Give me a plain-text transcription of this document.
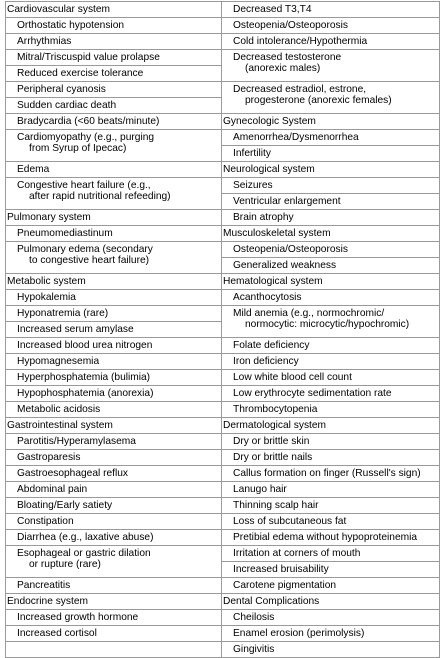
Cardiovascular system	Decreased T3,T4

Orthostatic hypotension	Osteopenia/Osteoporosis

Arrhythmias	Cold intolerance/Hypothermia

Mitral/Triscuspid value prolapse	Decreased testosterone
(anorexic males)

Reduced exercise tolerance	

Peripheral cyanosis	Decreased estradiol, estrone,
progesterone (anorexic females)

Sudden cardiac death	

Bradycardia (<60 beats/minute)	Gynecologic System

Cardiomyopathy (e.g., purging
from Syrup of Ipecac)	Amenorrhea/Dysmenorrhea

	Infertility

Edema	Neurological system

Congestive heart failure (e.g.,
after rapid nutritional refeeding)	Seizures

	Ventricular enlargement

Pulmonary system	Brain atrophy

Pneumomediastinum	Musculoskeletal system

Pulmonary edema (secondary
to congestive heart failure)	Osteopenia/Osteoporosis

	Generalized weakness

Metabolic system	Hematological system

Hypokalemia	Acanthocytosis

Hyponatremia (rare)	Mild anemia (e.g., normochromic/
normocytic: microcytic/hypochromic)

Increased serum amylase	

Increased blood urea nitrogen	Folate deficiency

Hypomagnesemia	Iron deficiency

Hyperphosphatemia (bulimia)	Low white blood cell count

Hypophosphatemia (anorexia)	Low erythrocyte sedimentation rate

Metabolic acidosis	Thrombocytopenia

Gastrointestinal system	Dermatological system

Parotitis/Hyperamylasema	Dry or brittle skin

Gastroparesis	Dry or brittle nails

Gastroesophageal reflux	Callus formation on finger (Russell's sign)

Abdominal pain	Lanugo hair

Bloating/Early satiety	Thinning scalp hair

Constipation	Loss of subcutaneous fat

Diarrhea (e.g., laxative abuse)	Pretibial edema without hypoproteinemia

Esophageal or gastric dilation
or rupture (rare)	Irritation at corners of mouth

	Increased bruisability

Pancreatitis	Carotene pigmentation

Endocrine system	Dental Complications

Increased growth hormone	Cheilosis

Increased cortisol	Enamel erosion (perimolysis)

	Gingivitis
